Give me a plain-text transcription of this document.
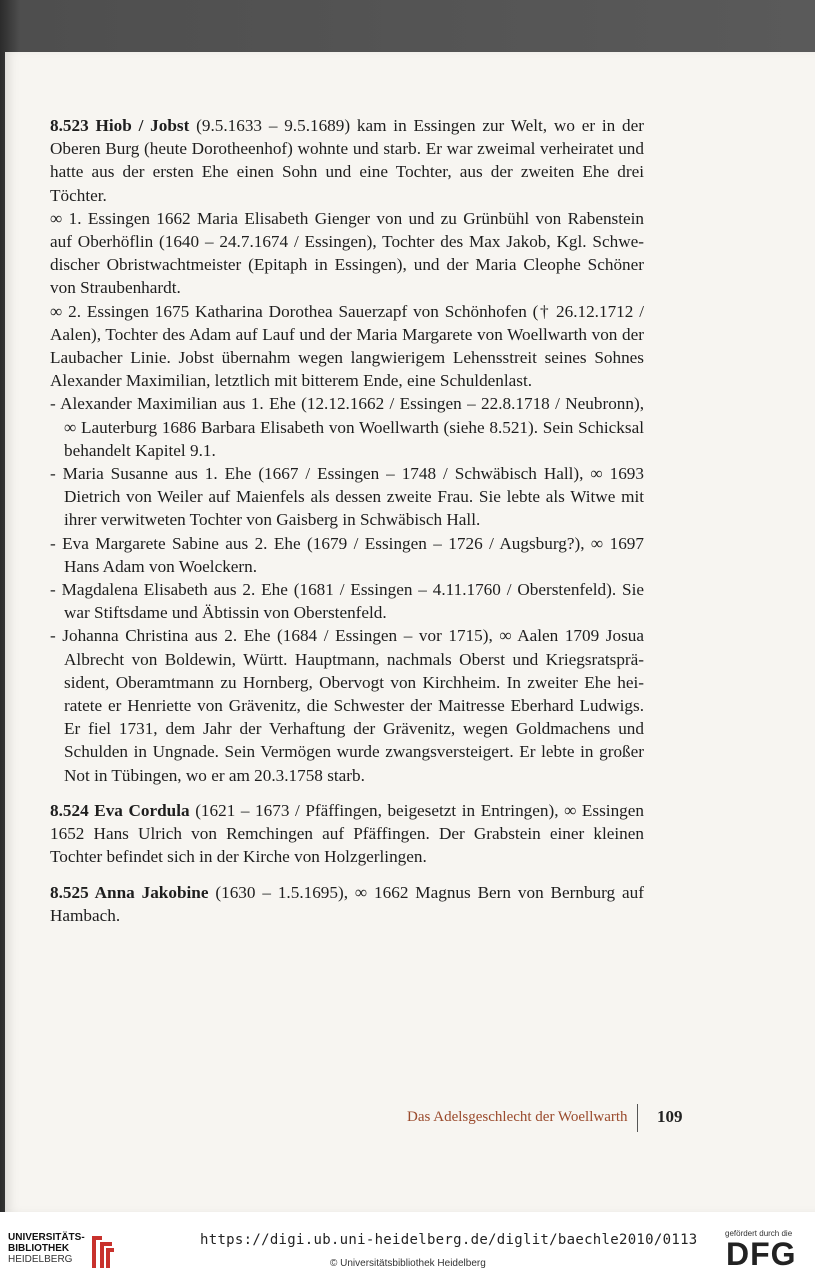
8.523 Hiob / Jobst (9.5.1633 – 9.5.1689) kam in Essingen zur Welt, wo er in der Oberen Burg (heute Dorotheenhof) wohnte und starb. Er war zweimal verheiratet und hatte aus der ersten Ehe einen Sohn und eine Tochter, aus der zweiten Ehe drei Töchter.

∞ 1. Essingen 1662 Maria Elisabeth Gienger von und zu Grünbühl von Rabenstein auf Oberhöflin (1640 – 24.7.1674 / Essingen), Tochter des Max Jakob, Kgl. Schwedischer Obristwachtmeister (Epitaph in Essingen), und der Maria Cleophe Schöner von Straubenhardt.

∞ 2. Essingen 1675 Katharina Dorothea Sauerzapf von Schönhofen († 26.12.1712 / Aalen), Tochter des Adam auf Lauf und der Maria Margarete von Woellwarth von der Laubacher Linie. Jobst übernahm wegen langwierigem Lehensstreit seines Sohnes Alexander Maximilian, letztlich mit bitterem Ende, eine Schuldenlast.

- Alexander Maximilian aus 1. Ehe (12.12.1662 / Essingen – 22.8.1718 / Neubronn), ∞ Lauterburg 1686 Barbara Elisabeth von Woellwarth (siehe 8.521). Sein Schicksal behandelt Kapitel 9.1.

- Maria Susanne aus 1. Ehe (1667 / Essingen – 1748 / Schwäbisch Hall), ∞ 1693 Dietrich von Weiler auf Maienfels als dessen zweite Frau. Sie lebte als Witwe mit ihrer verwitweten Tochter von Gaisberg in Schwäbisch Hall.

- Eva Margarete Sabine aus 2. Ehe (1679 / Essingen – 1726 / Augsburg?), ∞ 1697 Hans Adam von Woelckern.

- Magdalena Elisabeth aus 2. Ehe (1681 / Essingen – 4.11.1760 / Oberstenfeld). Sie war Stiftsdame und Äbtissin von Oberstenfeld.

- Johanna Christina aus 2. Ehe (1684 / Essingen – vor 1715), ∞ Aalen 1709 Josua Albrecht von Boldewin, Württ. Hauptmann, nachmals Oberst und Kriegsratspräsident, Oberamtmann zu Hornberg, Obervogt von Kirchheim. In zweiter Ehe heiratete er Henriette von Grävenitz, die Schwester der Maitresse Eberhard Ludwigs. Er fiel 1731, dem Jahr der Verhaftung der Grävenitz, wegen Goldmachens und Schulden in Ungnade. Sein Vermögen wurde zwangsversteigert. Er lebte in großer Not in Tübingen, wo er am 20.3.1758 starb.

8.524 Eva Cordula (1621 – 1673 / Pfäffingen, beigesetzt in Entringen), ∞ Essingen 1652 Hans Ulrich von Remchingen auf Pfäffingen. Der Grabstein einer kleinen Tochter befindet sich in der Kirche von Holzgerlingen.

8.525 Anna Jakobine (1630 – 1.5.1695), ∞ 1662 Magnus Bern von Bernburg auf Hambach.

Das Adelsgeschlecht der Woellwarth 109
UNIVERSITÄTS-
BIBLIOTHEK
HEIDELBERG
https://digi.ub.uni-heidelberg.de/diglit/baechle2010/0113
© Universitätsbibliothek Heidelberg
gefördert durch die
DFG
